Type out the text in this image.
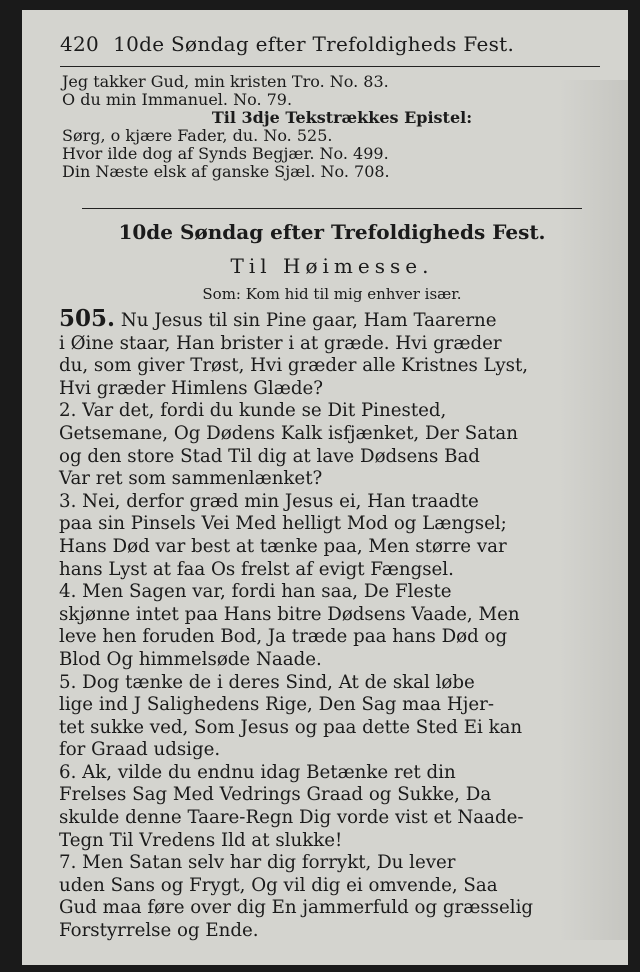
420 10de Søndag efter Trefoldigheds Fest.
Jeg takker Gud, min kristen Tro. No. 83.
O du min Immanuel. No. 79.
Til 3dje Tekstrækkes Epistel:
Sørg, o kjære Fader, du. No. 525.
Hvor ilde dog af Synds Begjær. No. 499.
Din Næste elsk af ganske Sjæl. No. 708.
10de Søndag efter Trefoldigheds Fest.
Til Høimesse.
Som: Kom hid til mig enhver især.
505. Nu Jesus til sin Pine gaar, Ham Taarerne
i Øine staar, Han brister i at græde. Hvi græder
du, som giver Trøst, Hvi græder alle Kristnes Lyst,
Hvi græder Himlens Glæde?
2. Var det, fordi du kunde se Dit Pinested,
Getsemane, Og Dødens Kalk isfjænket, Der Satan
og den store Stad Til dig at lave Dødsens Bad
Var ret som sammenlænket?
3. Nei, derfor græd min Jesus ei, Han traadte
paa sin Pinsels Vei Med helligt Mod og Længsel;
Hans Død var best at tænke paa, Men større var
hans Lyst at faa Os frelst af evigt Fængsel.
4. Men Sagen var, fordi han saa, De Fleste
skjønne intet paa Hans bitre Dødsens Vaade, Men
leve hen foruden Bod, Ja træde paa hans Død og
Blod Og himmelsøde Naade.
5. Dog tænke de i deres Sind, At de skal løbe
lige ind J Salighedens Rige, Den Sag maa Hjer-
tet sukke ved, Som Jesus og paa dette Sted Ei kan
for Graad udsige.
6. Ak, vilde du endnu idag Betænke ret din
Frelses Sag Med Vedrings Graad og Sukke, Da
skulde denne Taare-Regn Dig vorde vist et Naade-
Tegn Til Vredens Ild at slukke!
7. Men Satan selv har dig forrykt, Du lever
uden Sans og Frygt, Og vil dig ei omvende, Saa
Gud maa føre over dig En jammerfuld og græsselig
Forstyrrelse og Ende.
